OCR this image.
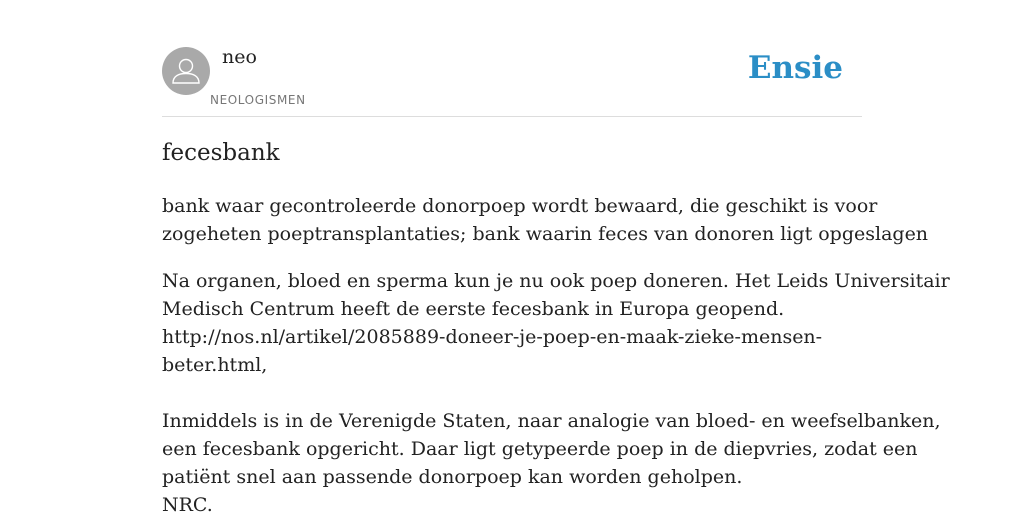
neo
NEOLOGISMEN
Ensie
fecesbank

bank waar gecontroleerde donorpoep wordt bewaard, die geschikt is voor
zogeheten poeptransplantaties; bank waarin feces van donoren ligt opgeslagen

Na organen, bloed en sperma kun je nu ook poep doneren. Het Leids Universitair
Medisch Centrum heeft de eerste fecesbank in Europa geopend.
http://nos.nl/artikel/2085889-doneer-je-poep-en-maak-zieke-mensen-
beter.html,
Inmiddels is in de Verenigde Staten, naar analogie van bloed- en weefselbanken,
een fecesbank opgericht. Daar ligt getypeerde poep in de diepvries, zodat een
patiënt snel aan passende donorpoep kan worden geholpen.
NRC.
